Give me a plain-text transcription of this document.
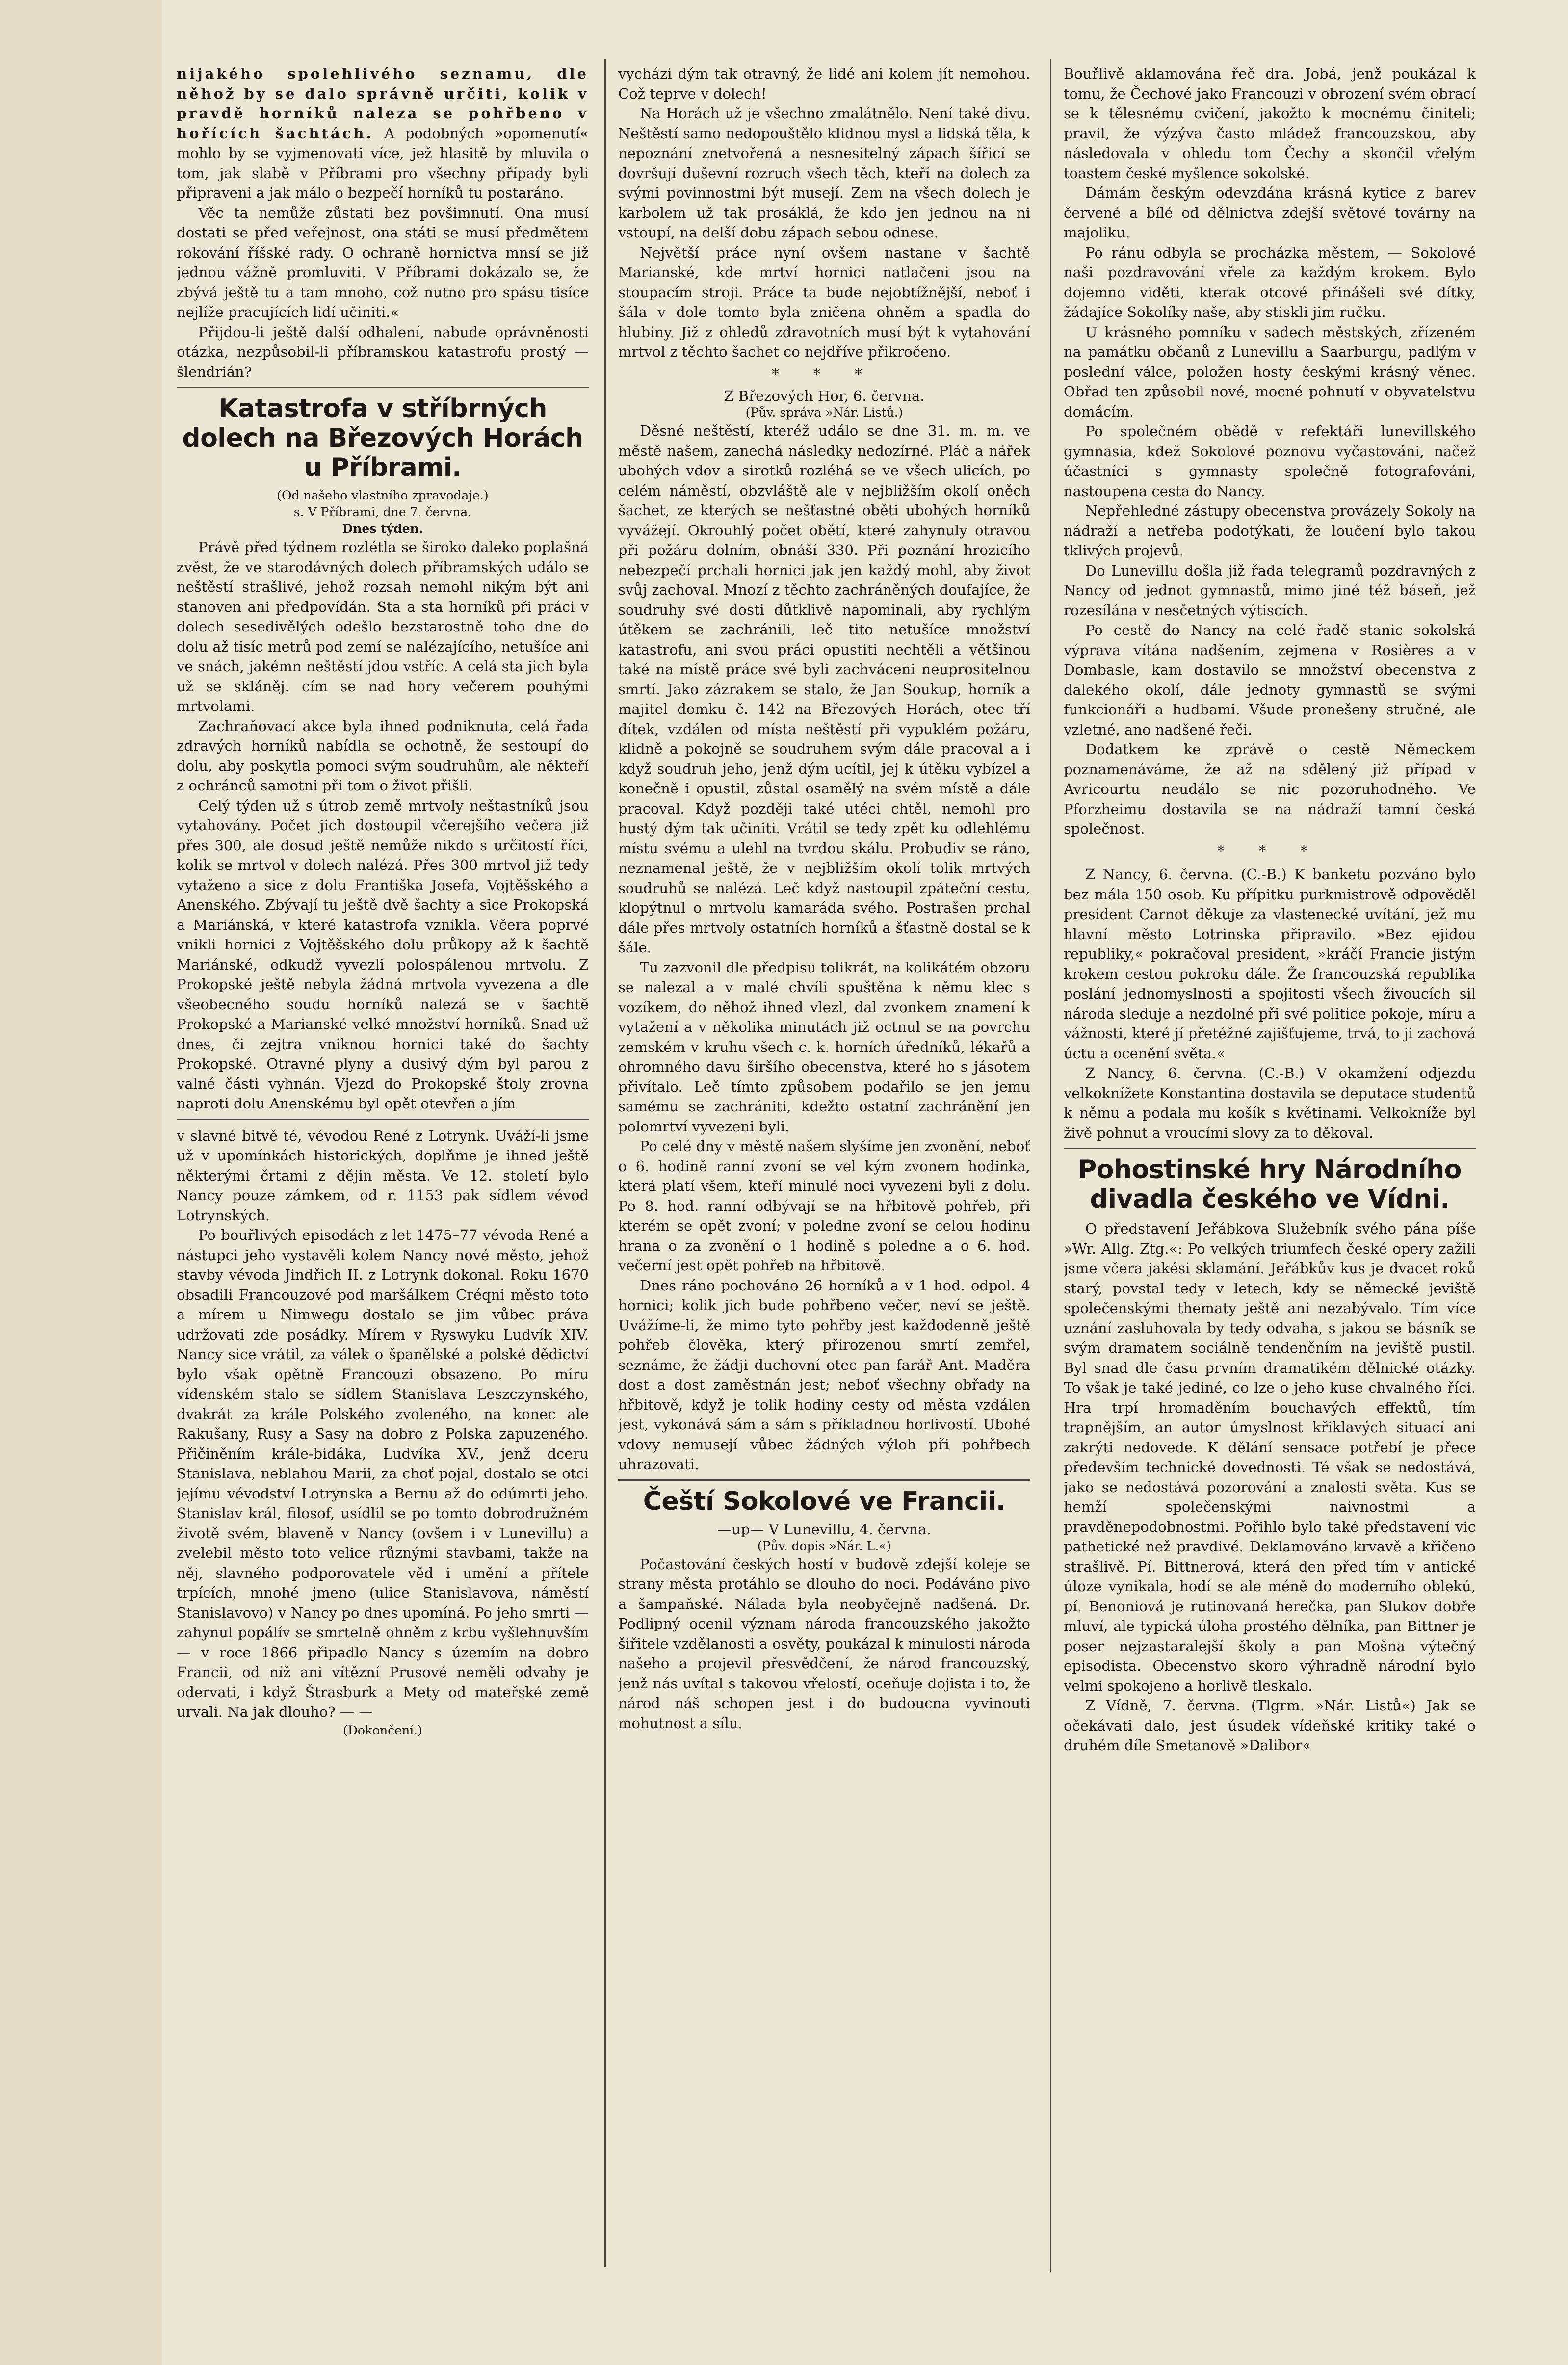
nijakého spolehlivého seznamu, dle něhož by se dalo správně určiti, kolik v pravdě horníků naleza se pohřbeno v hořících šachtách. A podobných »opomenutí« mohlo by se vyjmenovati více, jež hlasitě by mluvila o tom, jak slabě v Příbrami pro všechny případy byli připraveni a jak málo o bezpečí horníků tu postaráno.

Věc ta nemůže zůstati bez povšimnutí. Ona musí dostati se před veřejnost, ona státi se musí předmětem rokování říšské rady. O ochraně hornictva mnsí se již jednou vážně promluviti. V Příbrami dokázalo se, že zbývá ještě tu a tam mnoho, což nutno pro spásu tisíce nejlíže pracujících lidí učiniti.«

Přijdou-li ještě další odhalení, nabude oprávněnosti otázka, nezpůsobil-li příbramskou katastrofu prostý — šlendrián?

Katastrofa v stříbrných dolech na Březových Horách u Příbrami.
(Od našeho vlastního zpravodaje.)
s. V Příbrami, dne 7. června.
Dnes týden.

Právě před týdnem rozlétla se široko daleko poplašná zvěst, že ve starodávných dolech příbramských událo se neštěstí strašlivé, jehož rozsah nemohl nikým být ani stanoven ani předpovídán. Sta a sta horníků při práci v dolech sesedivělých odešlo bezstarostně toho dne do dolu až tisíc metrů pod zemí se nalézajícího, netušíce ani ve snách, jakémn neštěstí jdou vstříc. A celá sta jich byla už se skláněj. cím se nad hory večerem pouhými mrtvolami.

Zachraňovací akce byla ihned podniknuta, celá řada zdravých horníků nabídla se ochotně, že sestoupí do dolu, aby poskytla pomoci svým soudruhům, ale někteří z ochránců samotni při tom o život přišli.

Celý týden už s útrob země mrtvoly neštastníků jsou vytahovány. Počet jich dostoupil včerejšího večera již přes 300, ale dosud ještě nemůže nikdo s určitostí říci, kolik se mrtvol v dolech nalézá. Přes 300 mrtvol již tedy vytaženo a sice z dolu Františka Josefa, Vojtěšského a Anenského. Zbývají tu ještě dvě šachty a sice Prokopská a Mariánská, v které katastrofa vznikla. Včera poprvé vnikli hornici z Vojtěšského dolu průkopy až k šachtě Mariánské, odkudž vyvezli polospálenou mrtvolu. Z Prokopské ještě nebyla žádná mrtvola vyvezena a dle všeobecného soudu horníků nalezá se v šachtě Prokopské a Marianské velké množství horníků. Snad už dnes, či zejtra vniknou hornici také do šachty Prokopské. Otravné plyny a dusivý dým byl parou z valné části vyhnán. Vjezd do Prokopské štoly zrovna naproti dolu Anenskému byl opět otevřen a jím

v slavné bitvě té, vévodou René z Lotrynk. Uváží-li jsme už v upomínkách historických, doplňme je ihned ještě některými črtami z dějin města. Ve 12. století bylo Nancy pouze zámkem, od r. 1153 pak sídlem vévod Lotrynských.

Po bouřlivých episodách z let 1475–77 vévoda René a nástupci jeho vystavěli kolem Nancy nové město, jehož stavby vévoda Jindřich II. z Lotrynk dokonal. Roku 1670 obsadili Francouzové pod maršálkem Créqni město toto a mírem u Nimwegu dostalo se jim vůbec práva udržovati zde posádky. Mírem v Ryswyku Ludvík XIV. Nancy sice vrátil, za válek o španělské a polské dědictví bylo však opětně Francouzi obsazeno. Po míru vídenském stalo se sídlem Stanislava Leszczynského, dvakrát za krále Polského zvoleného, na konec ale Rakušany, Rusy a Sasy na dobro z Polska zapuzeného. Přičiněním krále-bidáka, Ludvíka XV., jenž dceru Stanislava, neblahou Marii, za choť pojal, dostalo se otci jejímu vévodství Lotrynska a Bernu až do odúmrti jeho. Stanislav král, filosof, usídlil se po tomto dobrodružném životě svém, blaveně v Nancy (ovšem i v Lunevillu) a zvelebil město toto velice různými stavbami, takže na něj, slavného podporovatele věd i umění a přítele trpících, mnohé jmeno (ulice Stanislavova, náměstí Stanislavovo) v Nancy po dnes upomíná. Po jeho smrti — zahynul popálív se smrtelně ohněm z krbu vyšlehnuvším — v roce 1866 připadlo Nancy s územím na dobro Francii, od níž ani vítězní Prusové neměli odvahy je odervati, i když Štrasburk a Mety od mateřské země urvali. Na jak dlouho? — —

(Dokončení.)

vycházi dým tak otravný, že lidé ani kolem jít nemohou. Což teprve v dolech!

Na Horách už je všechno zmalátnělo. Není také divu. Neštěstí samo nedopouštělo klidnou mysl a lidská těla, k nepoznání znetvořená a nesnesitelný zápach šířicí se dovršují duševní rozruch všech těch, kteří na dolech za svými povinnostmi být musejí. Zem na všech dolech je karbolem už tak prosáklá, že kdo jen jednou na ni vstoupí, na delší dobu zápach sebou odnese.

Největší práce nyní ovšem nastane v šachtě Marianské, kde mrtví hornici natlačeni jsou na stoupacím stroji. Práce ta bude nejobtížnější, neboť i šála v dole tomto byla zničena ohněm a spadla do hlubiny. Již z ohledů zdravotních musí být k vytahování mrtvol z těchto šachet co nejdříve přikročeno.

* * *
Z Březových Hor, 6. června.
(Pův. správa »Nár. Listů.)

Děsné neštěstí, kteréž událo se dne 31. m. m. ve městě našem, zanechá následky nedozírné. Pláč a nářek ubohých vdov a sirotků rozléhá se ve všech ulicích, po celém náměstí, obzvláště ale v nejbližším okolí oněch šachet, ze kterých se nešťastné oběti ubohých horníků vyvážejí. Okrouhlý počet obětí, které zahynuly otravou při požáru dolním, obnáší 330. Při poznání hrozicího nebezpečí prchali hornici jak jen každý mohl, aby život svůj zachoval. Mnozí z těchto zachráněných doufajíce, že soudruhy své dosti důtklivě napominali, aby rychlým útěkem se zachránili, leč tito netušíce množství katastrofu, ani svou práci opustiti nechtěli a většinou také na místě práce své byli zachváceni neuprositelnou smrtí. Jako zázrakem se stalo, že Jan Soukup, horník a majitel domku č. 142 na Březových Horách, otec tří dítek, vzdálen od místa neštěstí při vypuklém požáru, klidně a pokojně se soudruhem svým dále pracoval a i když soudruh jeho, jenž dým ucítil, jej k útěku vybízel a konečně i opustil, zůstal osamělý na svém místě a dále pracoval. Když později také utéci chtěl, nemohl pro hustý dým tak učiniti. Vrátil se tedy zpět ku odlehlému místu svému a ulehl na tvrdou skálu. Probudiv se ráno, neznamenal ještě, že v nejbližším okolí tolik mrtvých soudruhů se nalézá. Leč když nastoupil zpáteční cestu, klopýtnul o mrtvolu kamaráda svého. Postrašen prchal dále přes mrtvoly ostatních horníků a šťastně dostal se k šále.

Tu zazvonil dle předpisu tolikrát, na kolikátém obzoru se nalezal a v malé chvíli spuštěna k němu klec s vozíkem, do něhož ihned vlezl, dal zvonkem znamení k vytažení a v několika minutách již octnul se na povrchu zemském v kruhu všech c. k. horních úředníků, lékařů a ohromného davu širšího obecenstva, které ho s jásotem přivítalo. Leč tímto způsobem podařilo se jen jemu samému se zachrániti, kdežto ostatní zachránění jen polomrtví vyvezeni byli.

Po celé dny v městě našem slyšíme jen zvonění, neboť o 6. hodině ranní zvoní se vel kým zvonem hodinka, která platí všem, kteří minulé noci vyvezeni byli z dolu. Po 8. hod. ranní odbývají se na hřbitově pohřeb, při kterém se opět zvoní; v poledne zvoní se celou hodinu hrana o za zvonění o 1 hodině s poledne a o 6. hod. večerní jest opět pohřeb na hřbitově.

Dnes ráno pochováno 26 horníků a v 1 hod. odpol. 4 hornici; kolik jich bude pohřbeno večer, neví se ještě. Uvážíme-li, že mimo tyto pohřby jest každodenně ještě pohřeb člověka, který přirozenou smrtí zemřel, seznáme, že žádji duchovní otec pan farář Ant. Maděra dost a dost zaměstnán jest; neboť všechny obřady na hřbitově, když je tolik hodiny cesty od města vzdálen jest, vykonává sám a sám s příkladnou horlivostí. Ubohé vdovy nemusejí vůbec žádných výloh při pohřbech uhrazovati.

Čeští Sokolové ve Francii.
—up— V Lunevillu, 4. června.
(Pův. dopis »Nár. L.«)

Počastování českých hostí v budově zdejší koleje se strany města protáhlo se dlouho do noci. Podáváno pivo a šampaňské. Nálada byla neobyčejně nadšená. Dr. Podlipný ocenil význam národa francouzského jakožto šiřitele vzdělanosti a osvěty, poukázal k minulosti národa našeho a projevil přesvědčení, že národ francouzský, jenž nás uvítal s takovou vřelostí, oceňuje dojista i to, že národ náš schopen jest i do budoucna vyvinouti mohutnost a sílu.

Bouřlivě aklamována řeč dra. Jobá, jenž poukázal k tomu, že Čechové jako Francouzi v obrození svém obrací se k tělesnému cvičení, jakožto k mocnému činiteli; pravil, že výzýva často mládež francouzskou, aby následovala v ohledu tom Čechy a skončil vřelým toastem české myšlence sokolské.

Dámám českým odevzdána krásná kytice z barev červené a bílé od dělnictva zdejší světové továrny na majoliku.

Po ránu odbyla se procházka městem, — Sokolové naši pozdravování vřele za každým krokem. Bylo dojemno viděti, kterak otcové přinášeli své dítky, žádajíce Sokolíky naše, aby stiskli jim ručku.

U krásného pomníku v sadech městských, zřízeném na památku občanů z Lunevillu a Saarburgu, padlým v poslední válce, položen hosty českými krásný věnec. Obřad ten způsobil nové, mocné pohnutí v obyvatelstvu domácím.

Po společném obědě v refektáři lunevillského gymnasia, kdež Sokolové poznovu vyčastováni, načež účastníci s gymnasty společně fotografováni, nastoupena cesta do Nancy.

Nepřehledné zástupy obecenstva provázely Sokoly na nádraží a netřeba podotýkati, že loučení bylo takou tklivých projevů.

Do Lunevillu došla již řada telegramů pozdravných z Nancy od jednot gymnastů, mimo jiné též báseň, jež rozesílána v nesčetných výtiscích.

Po cestě do Nancy na celé řadě stanic sokolská výprava vítána nadšením, zejmena v Rosières a v Dombasle, kam dostavilo se množství obecenstva z dalekého okolí, dále jednoty gymnastů se svými funkcionáři a hudbami. Všude pronešeny stručné, ale vzletné, ano nadšené řeči.

Dodatkem ke zprávě o cestě Německem poznamenáváme, že až na sdělený již případ v Avricourtu neudálo se nic pozoruhodného. Ve Pforzheimu dostavila se na nádraží tamní česká společnost.

* * *

Z Nancy, 6. června. (C.-B.) K banketu pozváno bylo bez mála 150 osob. Ku přípitku purkmistrově odpověděl president Carnot děkuje za vlastenecké uvítání, jež mu hlavní město Lotrinska připravilo. »Bez ejidou republiky,« pokračoval president, »kráčí Francie jistým krokem cestou pokroku dále. Že francouzská republika poslání jednomyslnosti a spojitosti všech živoucích sil národa sleduje a nezdolné při své politice pokoje, míru a vážnosti, které jí přetéžné zajišťujeme, trvá, to ji zachová úctu a ocenění světa.«

Z Nancy, 6. června. (C.-B.) V okamžení odjezdu velkoknížete Konstantina dostavila se deputace studentů k němu a podala mu košík s květinami. Velkokníže byl živě pohnut a vroucími slovy za to děkoval.

Pohostinské hry Národního divadla českého ve Vídni.

O představení Jeřábkova Služebník svého pána píše »Wr. Allg. Ztg.«: Po velkých triumfech české opery zažili jsme včera jakési sklamání. Jeřábkův kus je dvacet roků starý, povstal tedy v letech, kdy se německé jeviště společenskými thematy ještě ani nezabývalo. Tím více uznání zasluhovala by tedy odvaha, s jakou se básník se svým dramatem sociálně tendenčním na jeviště pustil. Byl snad dle času prvním dramatikém dělnické otázky. To však je také jediné, co lze o jeho kuse chvalného říci. Hra trpí hromaděním bouchavých effektů, tím trapnějším, an autor úmyslnost křiklavých situací ani zakrýti nedovede. K dělání sensace potřebí je přece především technické dovednosti. Té však se nedostává, jako se nedostává pozorování a znalosti světa. Kus se hemží společenskými naivnostmi a pravděnepodobnostmi. Pořihlo bylo také představení vic pathetické než pravdivé. Deklamováno krvavě a křičeno strašlivě. Pí. Bittnerová, která den před tím v antické úloze vynikala, hodí se ale méně do moderního oblekú, pí. Benoniová je rutinovaná herečka, pan Slukov dobře mluví, ale typická úloha prostého dělníka, pan Bittner je poser nejzastaralejší školy a pan Mošna výtečný episodista. Obecenstvo skoro výhradně národní bylo velmi spokojeno a horlivě tleskalo.

Z Vídně, 7. června. (Tlgrm. »Nár. Listů«) Jak se očekávati dalo, jest úsudek vídeňské kritiky také o druhém díle Smetanově »Dalibor«
